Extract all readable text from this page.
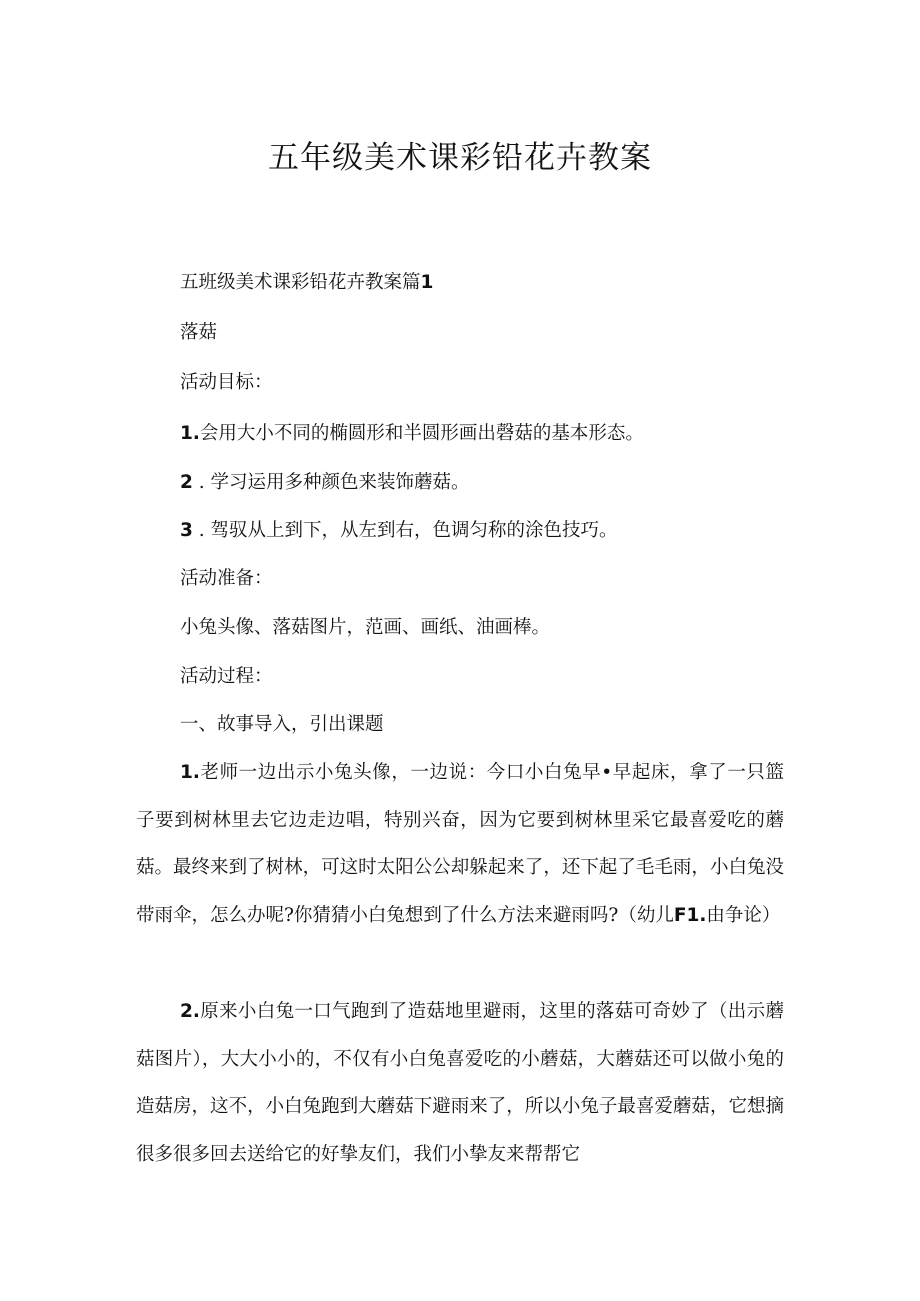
五年级美术课彩铅花卉教案

五班级美术课彩铅花卉教案篇1

落菇

活动目标：

1.会用大小不同的椭圆形和半圆形画出磬菇的基本形态。

2 . 学习运用多种颜色来装饰蘑菇。

3 . 驾驭从上到下，从左到右，色调匀称的涂色技巧。

活动准备：

小兔头像、落菇图片，范画、画纸、油画棒。

活动过程：

一、故事导入，引出课题

1.老师一边出示小兔头像，一边说：今口小白兔早•早起床，拿了一只篮子要到树林里去它边走边唱，特别兴奋，因为它要到树林里采它最喜爱吃的蘑菇。最终来到了树林，可这时太阳公公却躲起来了，还下起了毛毛雨，小白兔没带雨伞，怎么办呢?你猜猜小白兔想到了什么方法来避雨吗?（幼儿F1.由争论）

2.原来小白兔一口气跑到了造菇地里避雨，这里的落菇可奇妙了（出示蘑菇图片），大大小小的，不仅有小白兔喜爱吃的小蘑菇，大蘑菇还可以做小兔的造菇房，这不，小白兔跑到大蘑菇下避雨来了，所以小兔子最喜爱蘑菇，它想摘很多很多回去送给它的好挚友们，我们小挚友来帮帮它
